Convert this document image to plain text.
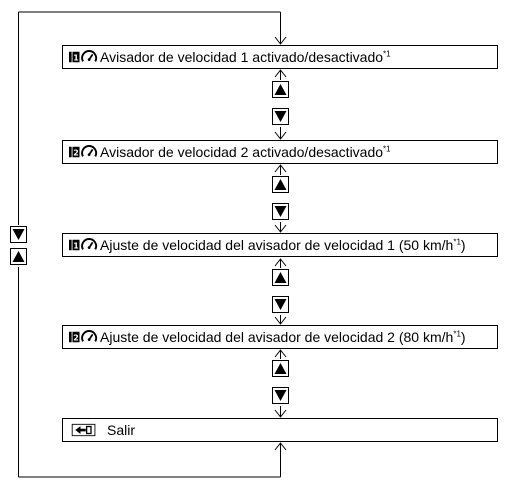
1 Avisador de velocidad 1 activado/desactivado$^{*1}$
2 Avisador de velocidad 2 activado/desactivado$^{*1}$
1 Ajuste de velocidad del avisador de velocidad 1 (50 $km/h^{*1}$)
2 Ajuste de velocidad del avisador de velocidad 2 (80 $km/h^{*1}$)
Salir
